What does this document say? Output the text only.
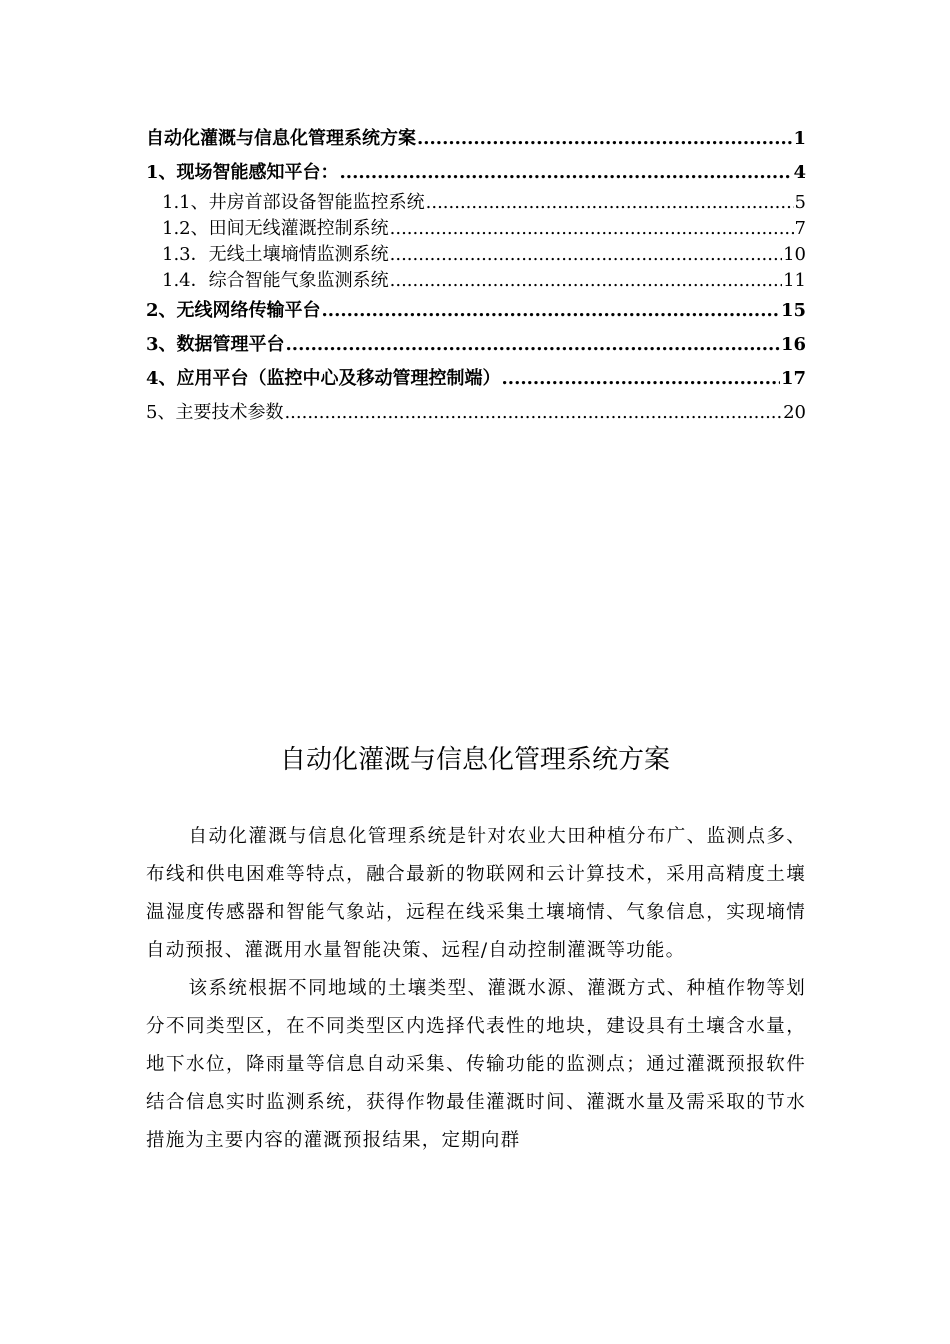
自动化灌溉与信息化管理系统方案 .....	1
1、现场智能感知平台： .....	4
1.1、井房首部设备智能监控系统 .....	5
1.2、田间无线灌溉控制系统 .....	7
1.3．无线土壤墒情监测系统 .....	10
1.4．综合智能气象监测系统 .....	11
2、无线网络传输平台 .....	15
3、数据管理平台 .....	16
4、应用平台（监控中心及移动管理控制端） .....	17
5、主要技术参数 .....	20
自动化灌溉与信息化管理系统方案

自动化灌溉与信息化管理系统是针对农业大田种植分布广、监测点多、布线和供电困难等特点，融合最新的物联网和云计算技术，采用高精度土壤温湿度传感器和智能气象站，远程在线采集土壤墒情、气象信息，实现墒情自动预报、灌溉用水量智能决策、远程/自动控制灌溉等功能。

该系统根据不同地域的土壤类型、灌溉水源、灌溉方式、种植作物等划分不同类型区，在不同类型区内选择代表性的地块，建设具有土壤含水量，地下水位，降雨量等信息自动采集、传输功能的监测点；通过灌溉预报软件结合信息实时监测系统，获得作物最佳灌溉时间、灌溉水量及需采取的节水措施为主要内容的灌溉预报结果，定期向群
